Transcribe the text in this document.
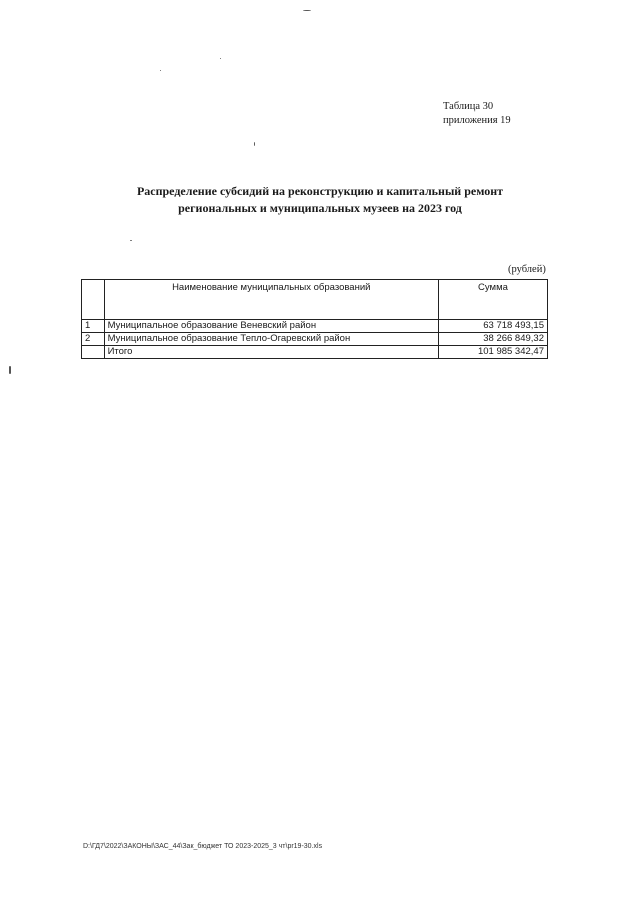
Таблица 30
приложения 19
Распределение субсидий на реконструкцию и капитальный ремонт
региональных и муниципальных музеев на 2023 год
(рублей)
	Наименование муниципальных образований	Сумма
1	Муниципальное образование Веневский район	63 718 493,15
2	Муниципальное образование Тепло-Огаревский район	38 266 849,32
	Итого	101 985 342,47
D:\ГД7\2022\ЗАКОНЫ\ЗАС_44\Зак_бюджет ТО 2023-2025_3 чт\pr19-30.xls
